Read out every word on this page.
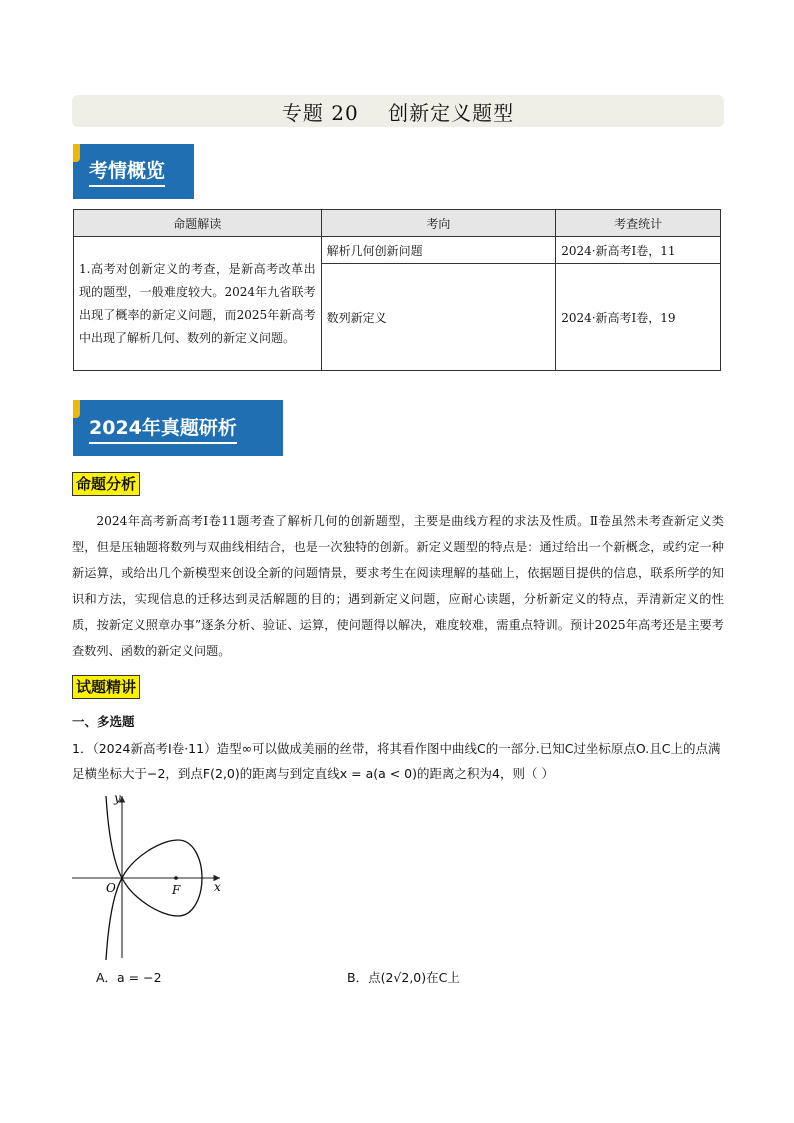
专题 20    创新定义题型
考情概览
命题解读	考向	考查统计
1.高考对创新定义的考查，是新高考改革出现的题型，一般难度较大。2024年九省联考出现了概率的新定义问题，而2025年新高考中出现了解析几何、数列的新定义问题。	解析几何创新问题	2024·新高考Ⅰ卷，11
	数列新定义	2024·新高考Ⅰ卷，19
2024年真题研析
命题分析
2024年高考新高考Ⅰ卷11题考查了解析几何的创新题型，主要是曲线方程的求法及性质。Ⅱ卷虽然未考查新定义类型，但是压轴题将数列与双曲线相结合，也是一次独特的创新。新定义题型的特点是：通过给出一个新概念，或约定一种新运算，或给出几个新模型来创设全新的问题情景，要求考生在阅读理解的基础上，依据题目提供的信息，联系所学的知识和方法，实现信息的迁移达到灵活解题的目的；遇到新定义问题，应耐心读题，分析新定义的特点，弄清新定义的性质，按新定义照章办事”逐条分析、验证、运算，使问题得以解决，难度较难，需重点特训。预计2025年高考还是主要考查数列、函数的新定义问题。
试题精讲
一、多选题
1．（2024新高考Ⅰ卷·11）造型∞可以做成美丽的丝带，将其看作图中曲线C的一部分.已知C过坐标原点O.且C上的点满足横坐标大于−2，到点F(2,0)的距离与到定直线x = a(a < 0)的距离之积为4，则（ ）
y
x
O	F
A．a = −2	B．点(2√2,0)在C上
